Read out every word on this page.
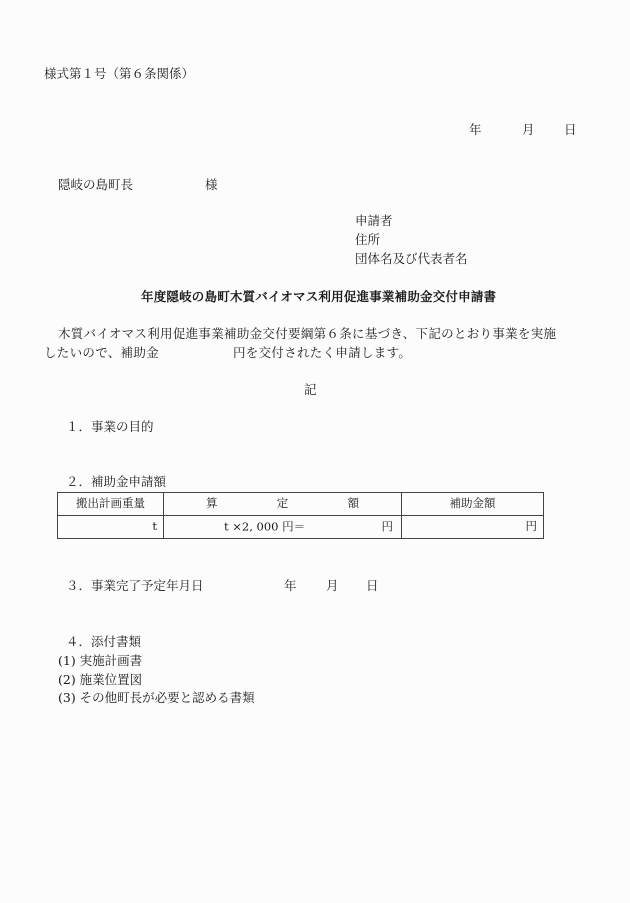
様式第１号（第６条関係）
年	月 日
隠岐の島町長	様
申請者
住所
団体名及び代表者名
年度隠岐の島町木質バイオマス利用促進事業補助金交付申請書
木質バイオマス利用促進事業補助金交付要綱第６条に基づき、下記のとおり事業を実施
したいので、補助金	円を交付されたく申請します。
記
１．事業の目的
２．補助金申請額
搬出計画重量	算 定 額	補助金額
t	t ×2, 000 円＝ 円	円
３．事業完了予定年月日	年 月 日
４．添付書類
(1) 実施計画書
(2) 施業位置図
(3) その他町長が必要と認める書類
